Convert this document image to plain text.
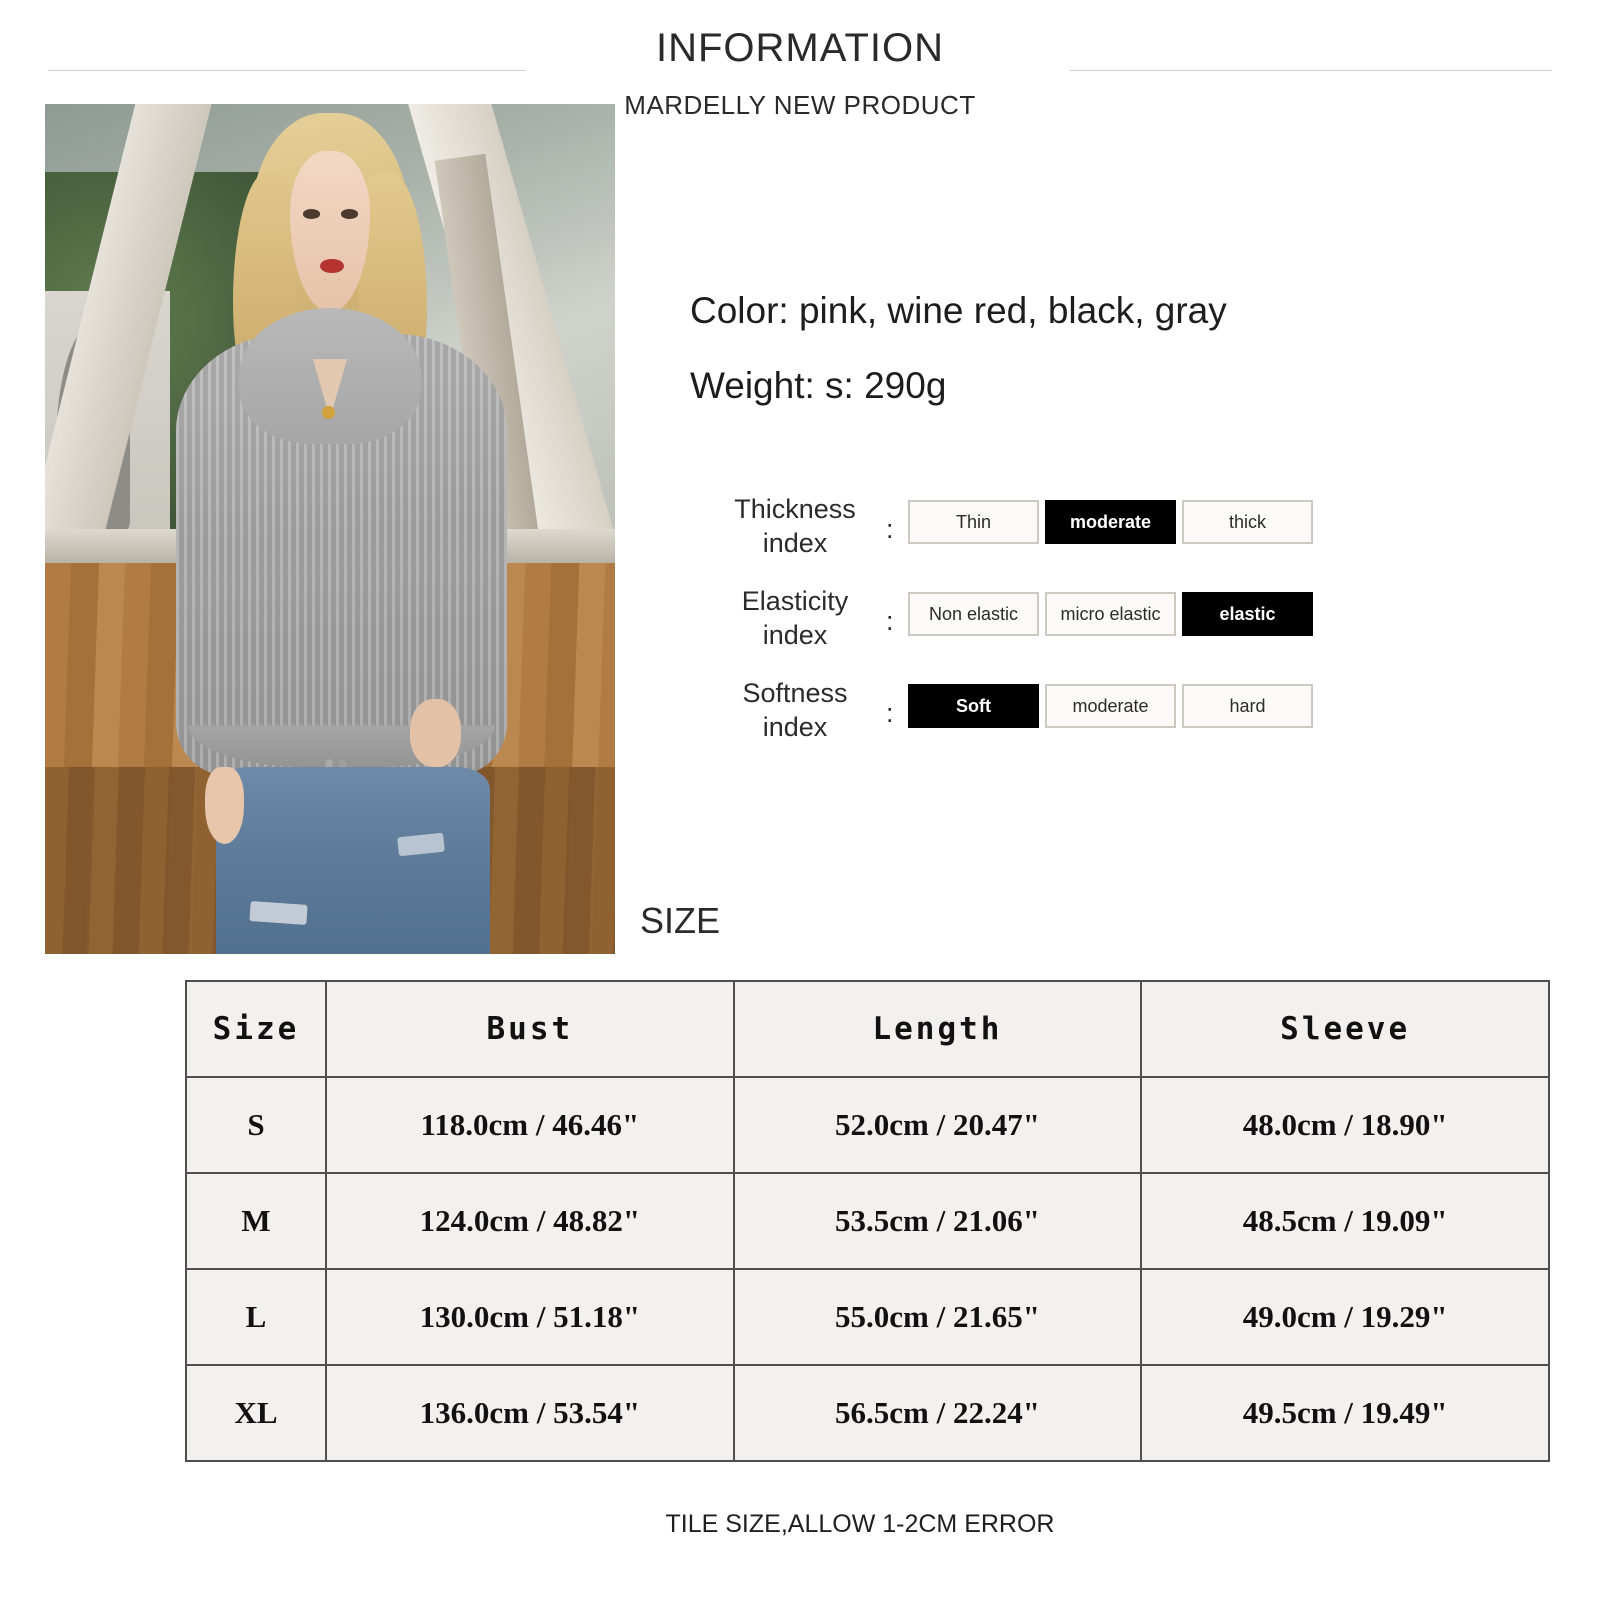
INFORMATION
MARDELLY NEW PRODUCT
Color: pink, wine red, black, gray
Weight: s: 290g
Thickness
index	:	Thin	moderate	thick
Elasticity
index	:	Non elastic	micro elastic	elastic
Softness
index	:	Soft	moderate	hard
SIZE
Size	Bust	Length	Sleeve
S	118.0cm / 46.46"	52.0cm / 20.47"	48.0cm / 18.90"
M	124.0cm / 48.82"	53.5cm / 21.06"	48.5cm / 19.09"
L	130.0cm / 51.18"	55.0cm / 21.65"	49.0cm / 19.29"
XL	136.0cm / 53.54"	56.5cm / 22.24"	49.5cm / 19.49"
TILE SIZE,ALLOW 1-2CM ERROR
